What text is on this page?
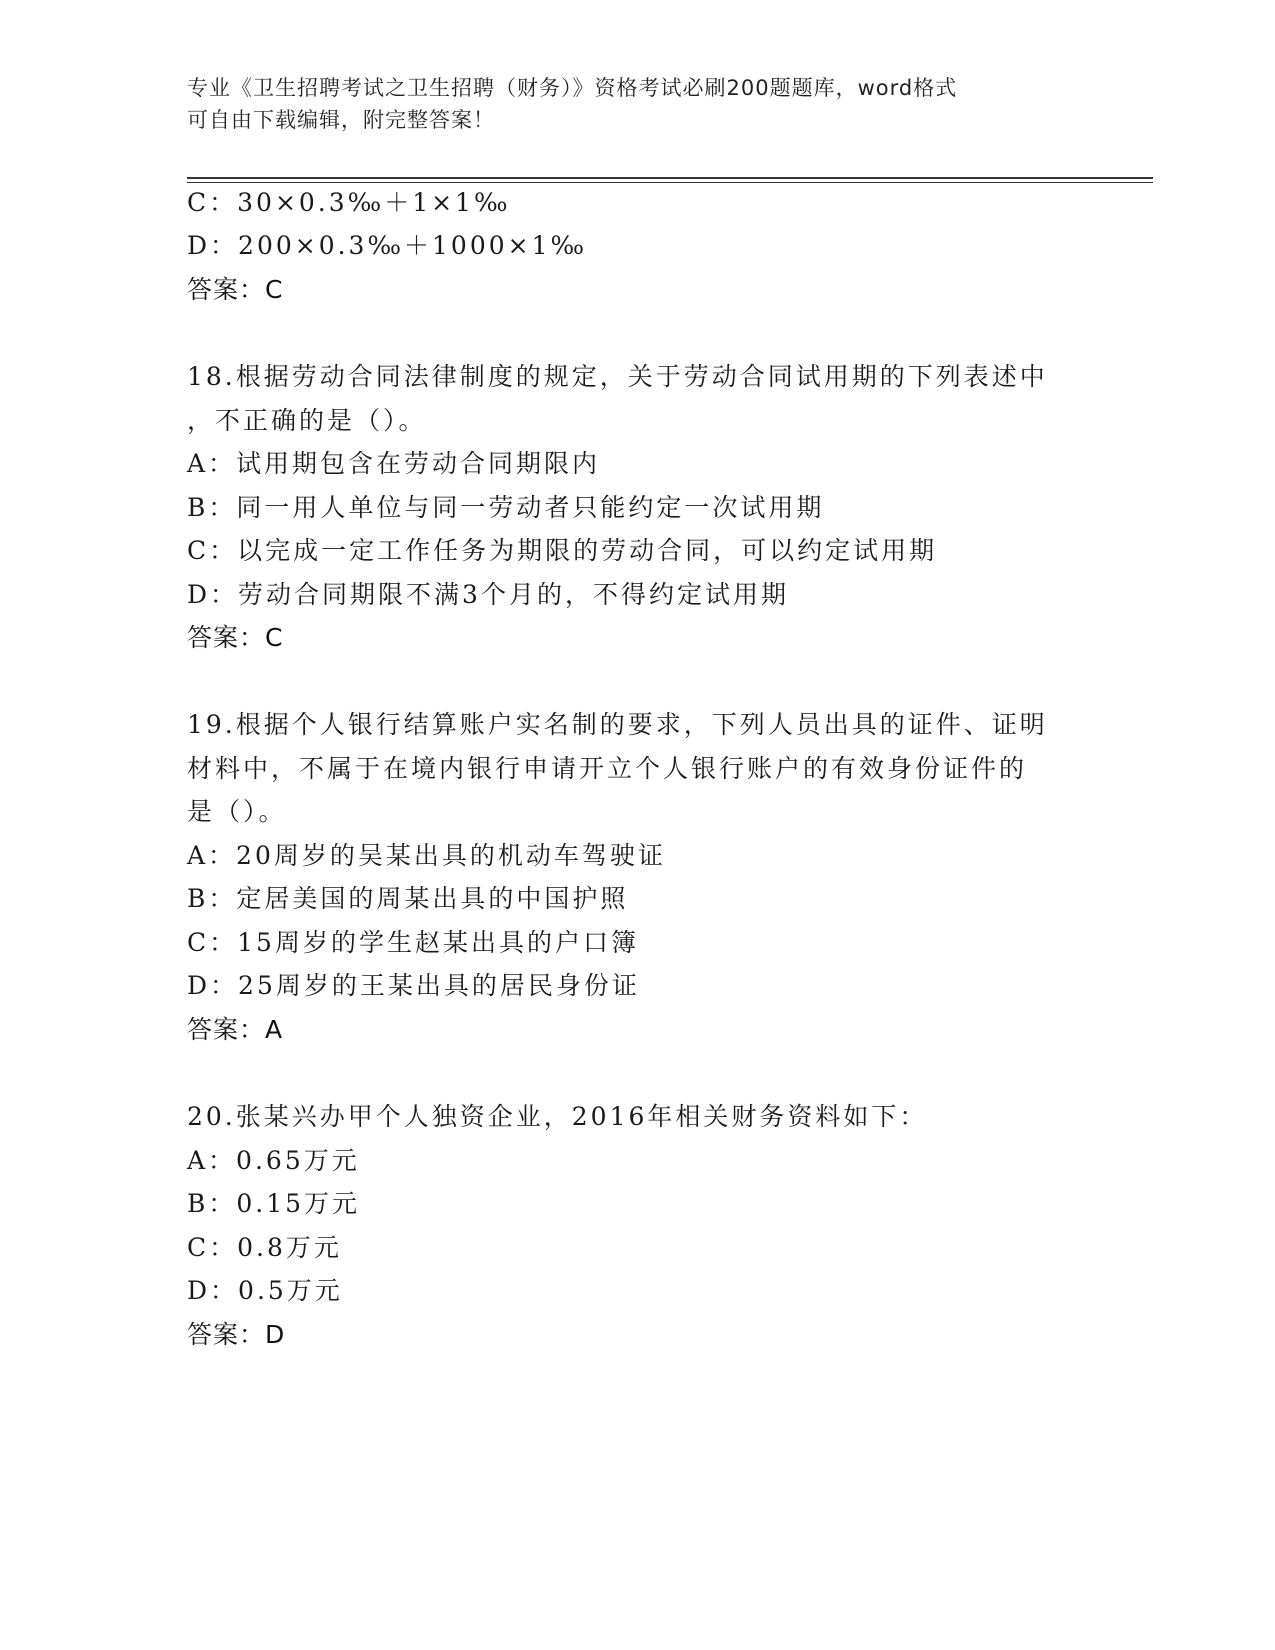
专业《卫生招聘考试之卫生招聘（财务）》资格考试必刷200题题库，word格式
可自由下载编辑，附完整答案！
C：30×0.3‰＋1×1‰
D：200×0.3‰＋1000×1‰
答案：C
18.根据劳动合同法律制度的规定，关于劳动合同试用期的下列表述中
，不正确的是（）。
A：试用期包含在劳动合同期限内
B：同一用人单位与同一劳动者只能约定一次试用期
C：以完成一定工作任务为期限的劳动合同，可以约定试用期
D：劳动合同期限不满3个月的，不得约定试用期
答案：C
19.根据个人银行结算账户实名制的要求，下列人员出具的证件、证明
材料中，不属于在境内银行申请开立个人银行账户的有效身份证件的
是（）。
A：20周岁的吴某出具的机动车驾驶证
B：定居美国的周某出具的中国护照
C：15周岁的学生赵某出具的户口簿
D：25周岁的王某出具的居民身份证
答案：A
20.张某兴办甲个人独资企业，2016年相关财务资料如下：
A：0.65万元
B：0.15万元
C：0.8万元
D：0.5万元
答案：D
